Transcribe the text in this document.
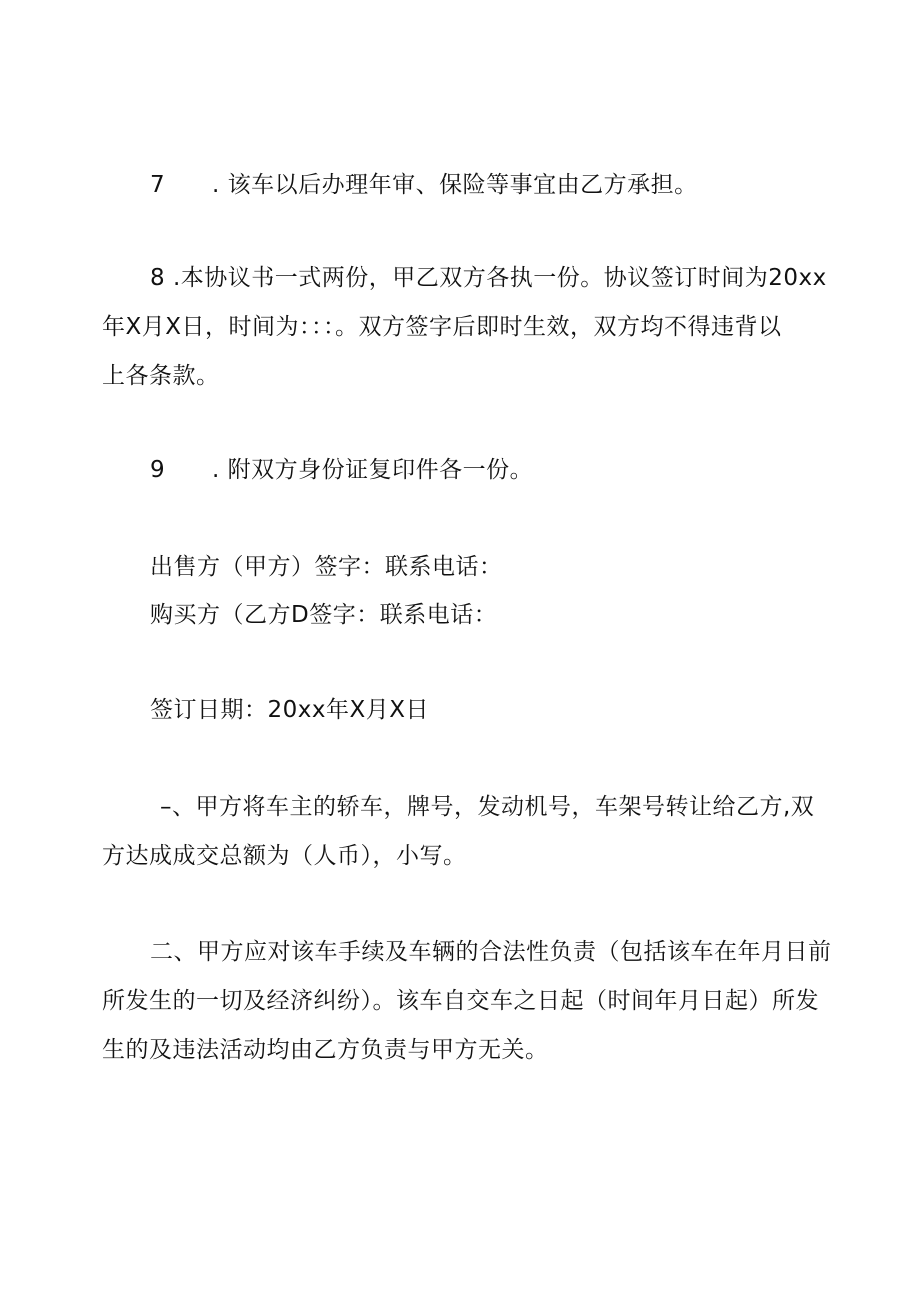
7 . 该车以后办理年审、保险等事宜由乙方承担。
8 .本协议书一式两份，甲乙双方各执一份。协议签订时间为20xx
年X月X日，时间为：：：。双方签字后即时生效，双方均不得违背以
上各条款。
9 . 附双方身份证复印件各一份。
出售方（甲方）签字：联系电话：
购买方（乙方D签字：联系电话：
签订日期：20xx年X月X日
–、甲方将车主的轿车，牌号，发动机号，车架号转让给乙方,双
方达成成交总额为（人币），小写。
二、甲方应对该车手续及车辆的合法性负责（包括该车在年月日前
所发生的一切及经济纠纷）。该车自交车之日起（时间年月日起）所发
生的及违法活动均由乙方负责与甲方无关。
